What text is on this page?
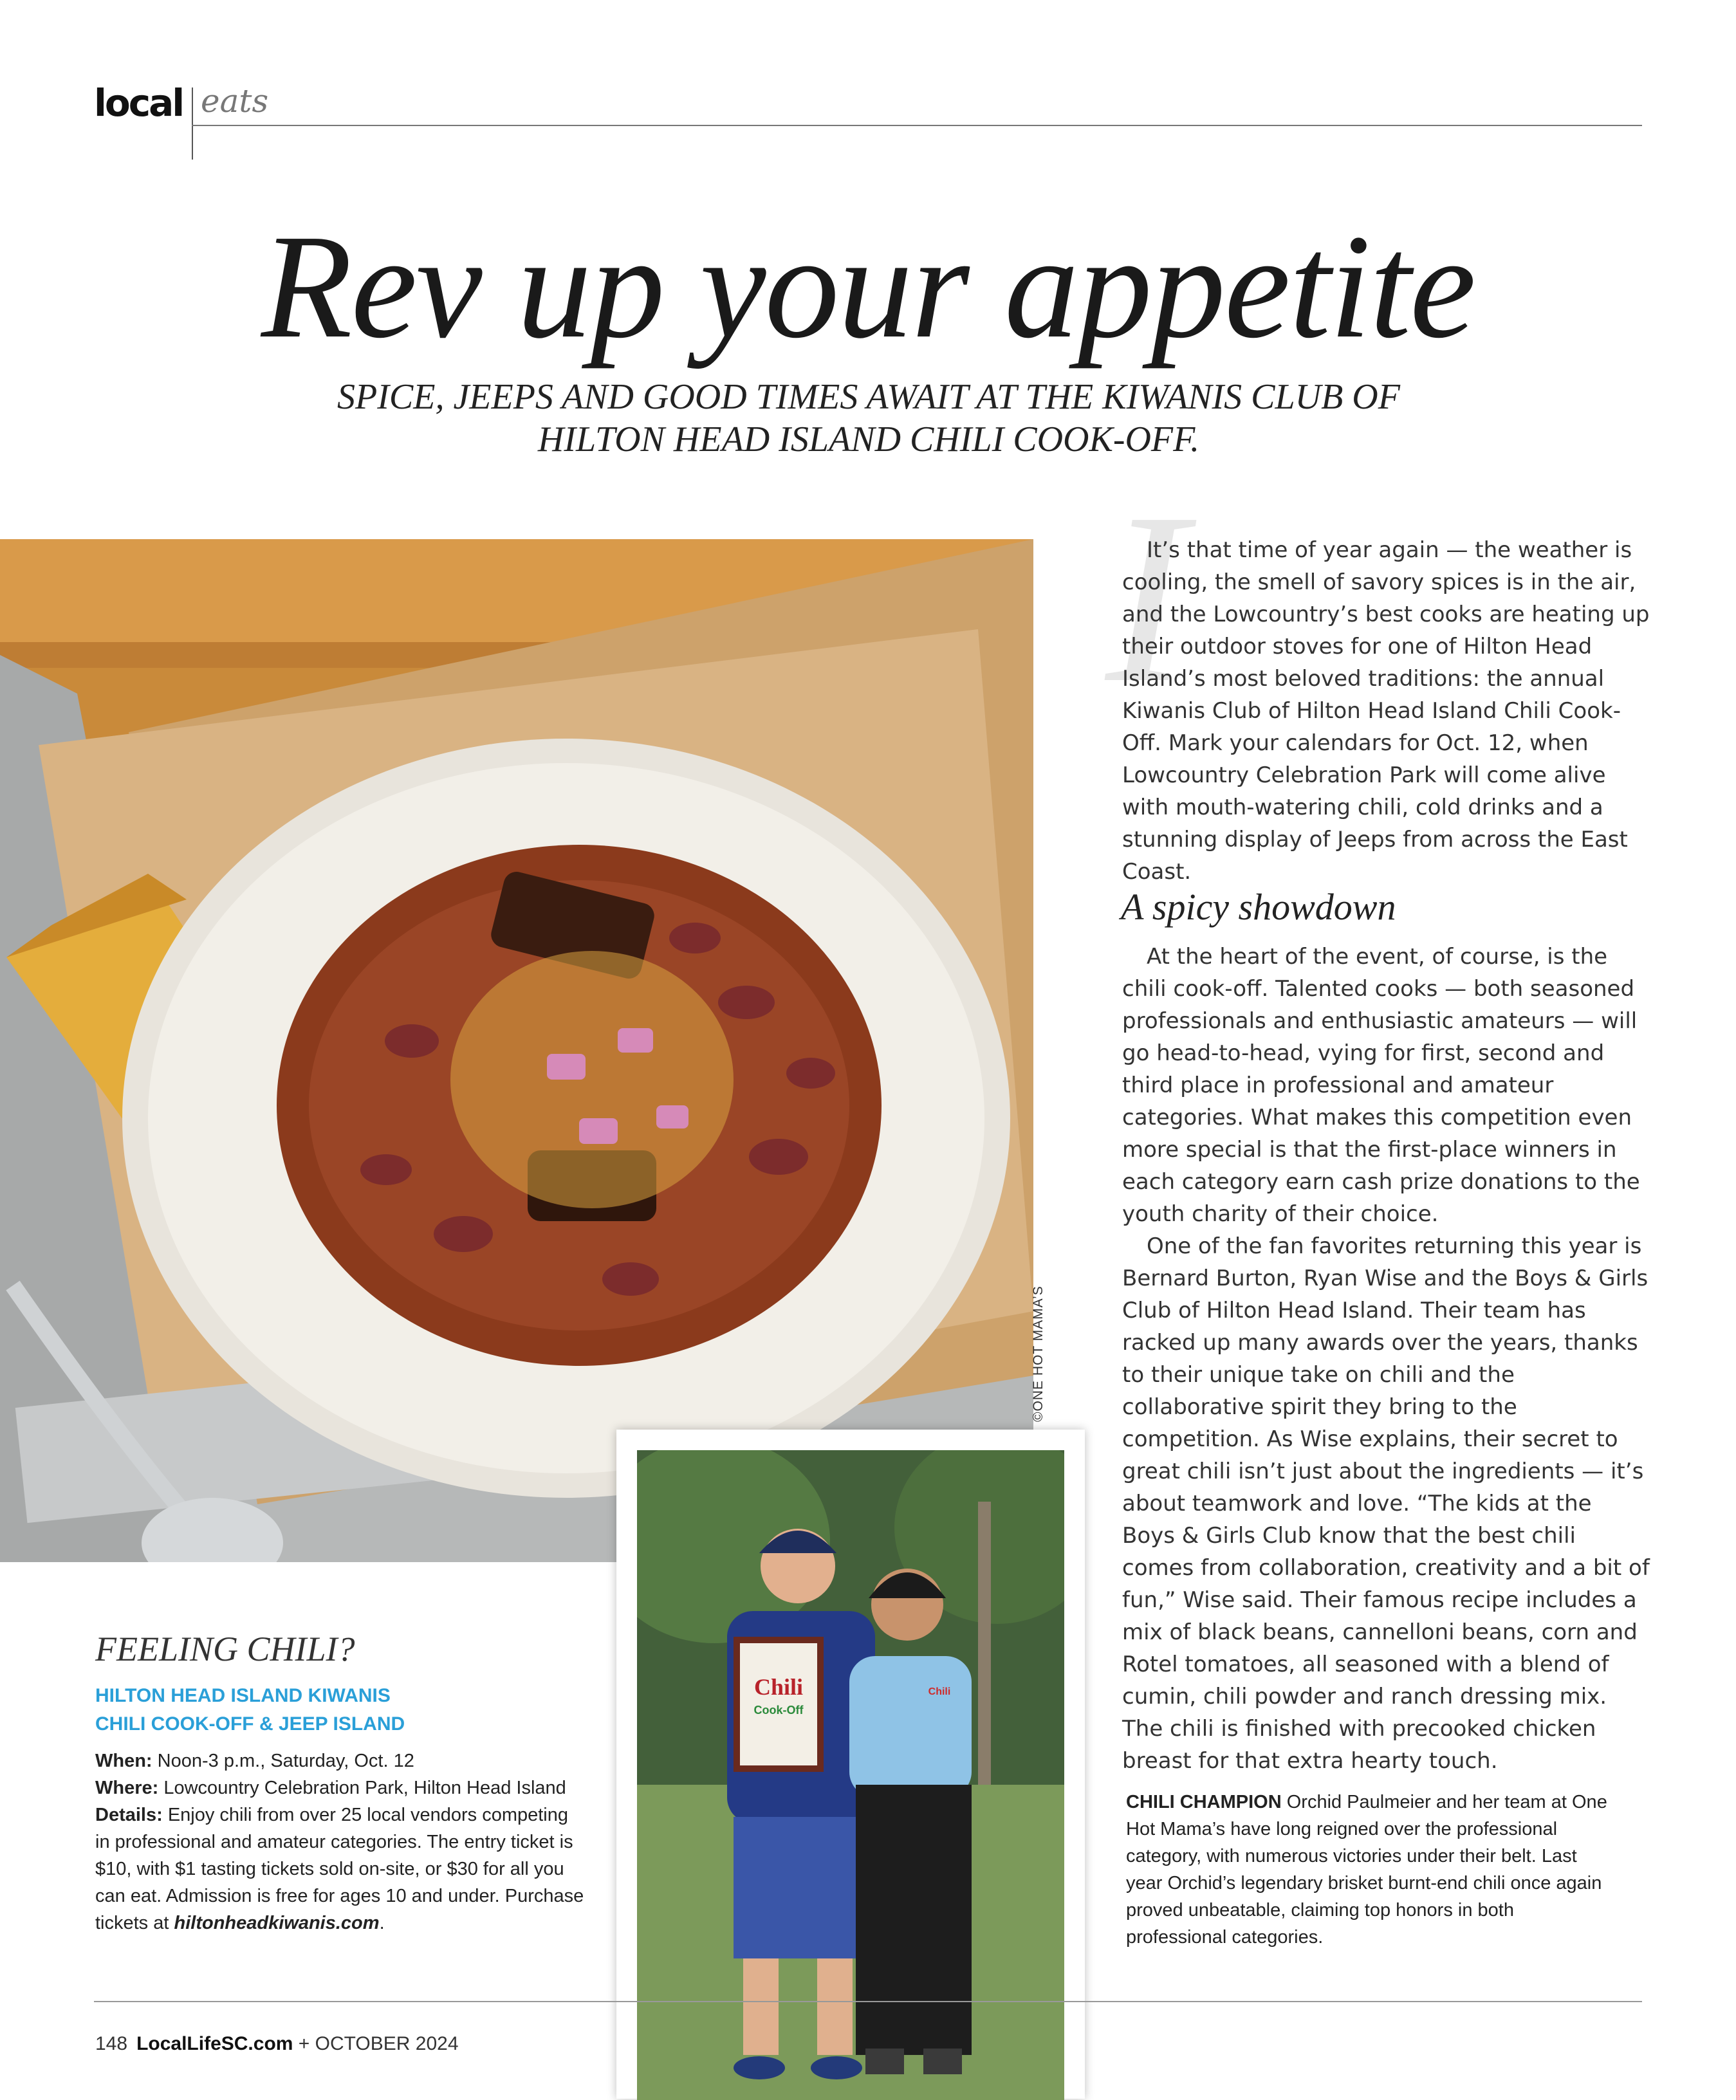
local eats
Rev up your appetite
SPICE, JEEPS AND GOOD TIMES AWAIT AT THE KIWANIS CLUB OF
HILTON HEAD ISLAND CHILI COOK-OFF.
©ONE HOT MAMA’S
I

It’s that time of year again — the weather is cooling, the smell of savory spices is in the air, and the Lowcountry’s best cooks are heating up their outdoor stoves for one of Hilton Head Island’s most beloved traditions: the annual Kiwanis Club of Hilton Head Island Chili Cook-Off. Mark your calendars for Oct. 12, when Lowcountry Celebration Park will come alive with mouth-watering chili, cold drinks and a stunning display of Jeeps from across the East Coast.

A spicy showdown

At the heart of the event, of course, is the chili cook-off. Talented cooks — both seasoned professionals and enthusiastic amateurs — will go head-to-head, vying for first, second and third place in professional and amateur categories. What makes this competition even more special is that the first-place winners in each category earn cash prize donations to the youth charity of their choice.

One of the fan favorites returning this year is Bernard Burton, Ryan Wise and the Boys & Girls Club of Hilton Head Island. Their team has racked up many awards over the years, thanks to their unique take on chili and the collaborative spirit they bring to the competition. As Wise explains, their secret to great chili isn’t just about the ingredients — it’s about teamwork and love. “The kids at the Boys & Girls Club know that the best chili comes from collaboration, creativity and a bit of fun,” Wise said. Their famous recipe includes a mix of black beans, cannelloni beans, corn and Rotel tomatoes, all seasoned with a blend of cumin, chili powder and ranch dressing mix. The chili is finished with precooked chicken breast for that extra hearty touch.

FEELING CHILI?
HILTON HEAD ISLAND KIWANIS
CHILI COOK-OFF & JEEP ISLAND
When: Noon-3 p.m., Saturday, Oct. 12
Where: Lowcountry Celebration Park, Hilton Head Island
Details: Enjoy chili from over 25 local vendors competing in professional and amateur categories. The entry ticket is $10, with $1 tasting tickets sold on-site, or $30 for all you can eat. Admission is free for ages 10 and under. Purchase tickets at hiltonheadkiwanis.com.
Chili
Cook-Off
Chili
CHILI CHAMPION Orchid Paulmeier and her team at One Hot Mama’s have long reigned over the professional category, with numerous victories under their belt. Last year Orchid’s legendary brisket burnt-end chili once again proved unbeatable, claiming top honors in both professional categories.
148 LocalLifeSC.com + OCTOBER 2024
